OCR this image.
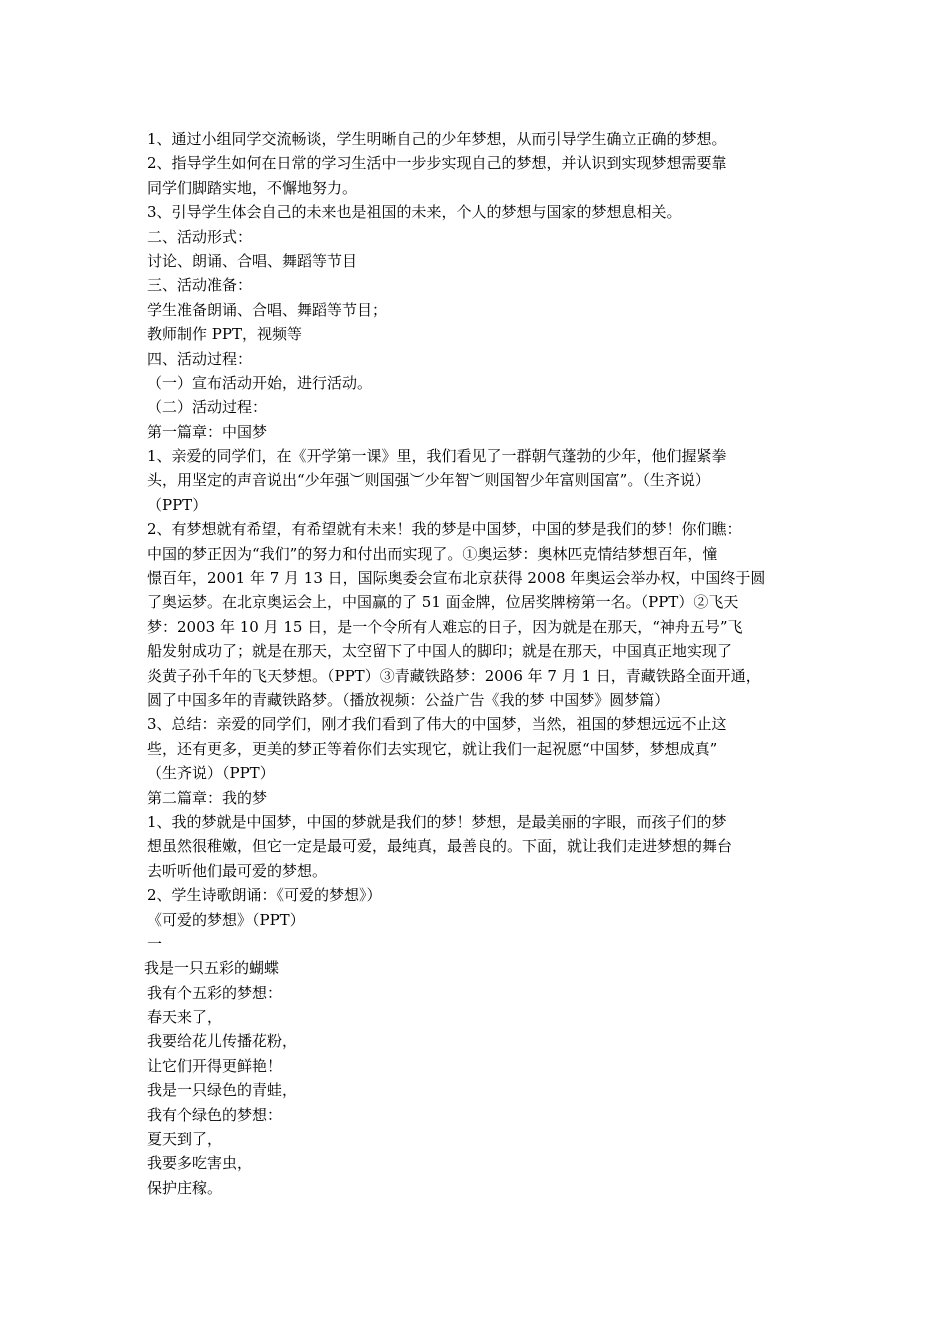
1、通过小组同学交流畅谈，学生明晰自己的少年梦想，从而引导学生确立正确的梦想。
2、指导学生如何在日常的学习生活中一步步实现自己的梦想，并认识到实现梦想需要靠
同学们脚踏实地，不懈地努力。
3、引导学生体会自己的未来也是祖国的未来，个人的梦想与国家的梦想息相关。
二、活动形式：
讨论、朗诵、合唱、舞蹈等节目
三、活动准备：
学生准备朗诵、合唱、舞蹈等节目；
教师制作 PPT，视频等
四、活动过程：
（一）宣布活动开始，进行活动。
（二）活动过程：
第一篇章：中国梦
1、亲爱的同学们，在《开学第一课》里，我们看见了一群朝气蓬勃的少年，他们握紧拳
头，用坚定的声音说出“少年强︶则国强︶少年智︶则国智少年富则国富”。（生齐说）
（PPT）
2、有梦想就有希望，有希望就有未来！我的梦是中国梦，中国的梦是我们的梦！你们瞧：
中国的梦正因为“我们”的努力和付出而实现了。①奥运梦：奥林匹克情结梦想百年，憧
憬百年，2001 年 7 月 13 日，国际奥委会宣布北京获得 2008 年奥运会举办权，中国终于圆
了奥运梦。在北京奥运会上，中国赢的了 51 面金牌，位居奖牌榜第一名。（PPT）②飞天
梦：2003 年 10 月 15 日，是一个令所有人难忘的日子，因为就是在那天，“神舟五号”飞
船发射成功了；就是在那天，太空留下了中国人的脚印；就是在那天，中国真正地实现了
炎黄子孙千年的飞天梦想。（PPT）③青藏铁路梦：2006 年 7 月 1 日，青藏铁路全面开通，
圆了中国多年的青藏铁路梦。（播放视频：公益广告《我的梦 中国梦》圆梦篇）
3、总结：亲爱的同学们，刚才我们看到了伟大的中国梦，当然，祖国的梦想远远不止这
些，还有更多，更美的梦正等着你们去实现它，就让我们一起祝愿“中国梦，梦想成真”
（生齐说）（PPT）
第二篇章：我的梦
1、我的梦就是中国梦，中国的梦就是我们的梦！梦想，是最美丽的字眼，而孩子们的梦
想虽然很稚嫩，但它一定是最可爱，最纯真，最善良的。下面，就让我们走进梦想的舞台
去听听他们最可爱的梦想。
2、学生诗歌朗诵：《可爱的梦想》）
《可爱的梦想》（PPT）
一
我是一只五彩的蝴蝶
我有个五彩的梦想：
春天来了，
我要给花儿传播花粉，
让它们开得更鲜艳！
我是一只绿色的青蛙，
我有个绿色的梦想：
夏天到了，
我要多吃害虫，
保护庄稼。
